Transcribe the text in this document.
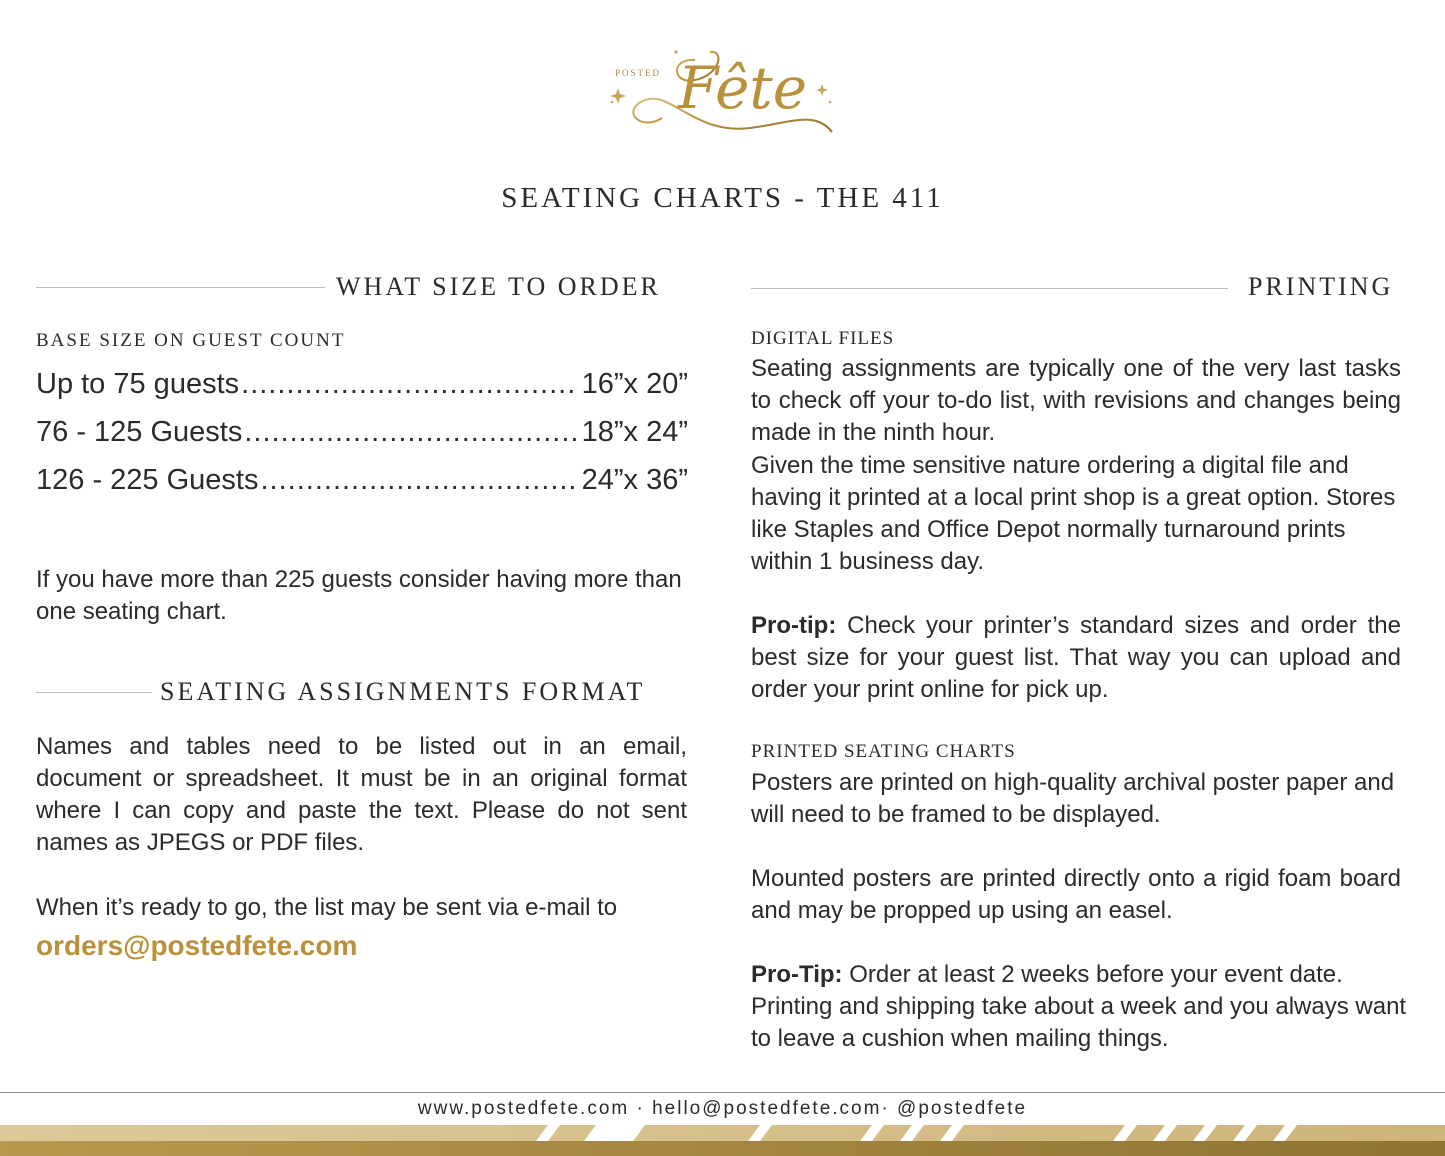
POSTED Fête
SEATING CHARTS - THE 411
WHAT SIZE TO ORDER
BASE SIZE ON GUEST COUNT
Up to 75 guests .....	16”x 20”
76 - 125 Guests .....	18”x 24”
126 - 225 Guests .....	24”x 36”

If you have more than 225 guests consider having more than one seating chart.

SEATING ASSIGNMENTS FORMAT

Names and tables need to be listed out in an email, document or spreadsheet. It must be in an original format where I can copy and paste the text. Please do not sent names as JPEGS or PDF files.

When it’s ready to go, the list may be sent via e-mail to

orders@postedfete.com
PRINTING
DIGITAL FILES

Seating assignments are typically one of the very last tasks to check off your to-do list, with revisions and changes being made in the ninth hour.

Given the time sensitive nature ordering a digital file and having it printed at a local print shop is a great option. Stores like Staples and Office Depot normally turnaround prints within 1 business day.

Pro-tip: Check your printer’s standard sizes and order the best size for your guest list. That way you can upload and order your print online for pick up.

PRINTED SEATING CHARTS

Posters are printed on high-quality archival poster paper and will need to be framed to be displayed.

Mounted posters are printed directly onto a rigid foam board and may be propped up using an easel.

Pro-Tip: Order at least 2 weeks before your event date. Printing and shipping take about a week and you always want to leave a cushion when mailing things.

www.postedfete.com · hello@postedfete.com· @postedfete
